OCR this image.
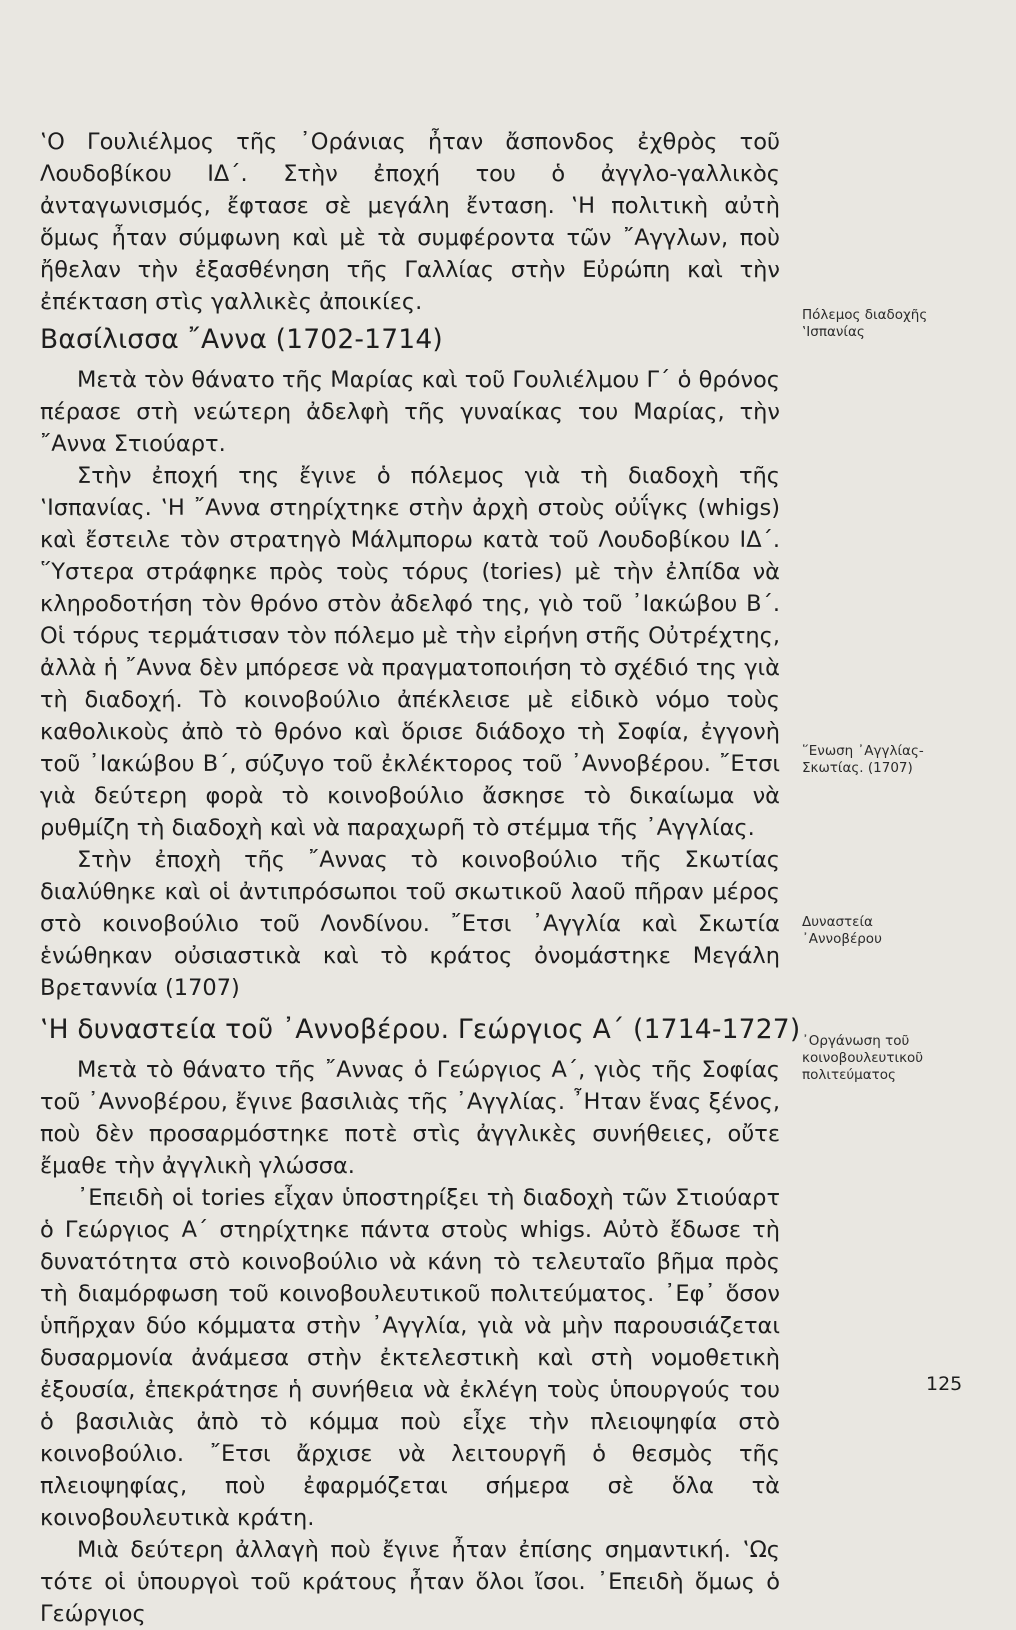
‛Ο Γουλιέλμος τῆς ᾿Οράνιας ἦταν ἄσπονδος ἐχθρὸς τοῦ Λουδοβίκου ΙΔ΄. Στὴν ἐποχή του ὁ ἀγγλο-γαλλικὸς ἀνταγωνισμός, ἔφτασε σὲ μεγάλη ἔνταση. ‛Η πολιτικὴ αὐτὴ ὅμως ἦταν σύμφωνη καὶ μὲ τὰ συμφέροντα τῶν ῎Αγγλων, ποὺ ἤθελαν τὴν ἐξασθένηση τῆς Γαλλίας στὴν Εὐρώπη καὶ τὴν ἐπέκταση στὶς γαλλικὲς ἀποικίες.

Βασίλισσα ῎Αννα (1702-1714)

Μετὰ τὸν θάνατο τῆς Μαρίας καὶ τοῦ Γουλιέλμου Γ΄ ὁ θρόνος πέρασε στὴ νεώτερη ἀδελφὴ τῆς γυναίκας του Μαρίας, τὴν ῎Αννα Στιούαρτ.

Στὴν ἐποχή της ἔγινε ὁ πόλεμος γιὰ τὴ διαδοχὴ τῆς ‛Ισπανίας. ‛Η ῎Αννα στηρίχτηκε στὴν ἀρχὴ στοὺς οὐΐγκς (whigs) καὶ ἔστειλε τὸν στρατηγὸ Μάλμπορω κατὰ τοῦ Λουδοβίκου ΙΔ΄. ῞Υστερα στράφηκε πρὸς τοὺς τόρυς (tories) μὲ τὴν ἐλπίδα νὰ κληροδοτήση τὸν θρόνο στὸν ἀδελφό της, γιὸ τοῦ ᾿Ιακώβου Β΄. Οἱ τόρυς τερμάτισαν τὸν πόλεμο μὲ τὴν εἰρήνη στῆς Οὐτρέχτης, ἀλλὰ ἡ ῎Αννα δὲν μπόρεσε νὰ πραγματοποιήση τὸ σχέδιό της γιὰ τὴ διαδοχή. Τὸ κοινοβούλιο ἀπέκλεισε μὲ εἰδικὸ νόμο τοὺς καθολικοὺς ἀπὸ τὸ θρόνο καὶ ὅρισε διάδοχο τὴ Σοφία, ἐγγονὴ τοῦ ᾿Ιακώβου Β΄, σύζυγο τοῦ ἐκλέκτορος τοῦ ᾿Αννοβέρου. ῎Ετσι γιὰ δεύτερη φορὰ τὸ κοινοβούλιο ἄσκησε τὸ δικαίωμα νὰ ρυθμίζη τὴ διαδοχὴ καὶ νὰ παραχωρῆ τὸ στέμμα τῆς ᾿Αγγλίας.

Στὴν ἐποχὴ τῆς ῎Αννας τὸ κοινοβούλιο τῆς Σκωτίας διαλύθηκε καὶ οἱ ἀντιπρόσωποι τοῦ σκωτικοῦ λαοῦ πῆραν μέρος στὸ κοινοβούλιο τοῦ Λονδίνου. ῎Ετσι ᾿Αγγλία καὶ Σκωτία ἑνώθηκαν οὐσιαστικὰ καὶ τὸ κράτος ὀνομάστηκε Μεγάλη Βρεταννία (1707)

‛Η δυναστεία τοῦ ᾿Αννοβέρου. Γεώργιος Α΄ (1714-1727)

Μετὰ τὸ θάνατο τῆς ῎Αννας ὁ Γεώργιος Α΄, γιὸς τῆς Σοφίας τοῦ ᾿Αννοβέρου, ἔγινε βασιλιὰς τῆς ᾿Αγγλίας. ῏Ηταν ἕνας ξένος, ποὺ δὲν προσαρμόστηκε ποτὲ στὶς ἀγγλικὲς συνήθειες, οὔτε ἔμαθε τὴν ἀγγλικὴ γλώσσα.

᾿Επειδὴ οἱ tories εἶχαν ὑποστηρίξει τὴ διαδοχὴ τῶν Στιούαρτ ὁ Γεώργιος Α΄ στηρίχτηκε πάντα στοὺς whigs. Αὐτὸ ἔδωσε τὴ δυνατότητα στὸ κοινοβούλιο νὰ κάνη τὸ τελευταῖο βῆμα πρὸς τὴ διαμόρφωση τοῦ κοινοβουλευτικοῦ πολιτεύματος. ᾿Εφ᾿ ὅσον ὑπῆρχαν δύο κόμματα στὴν ᾿Αγγλία, γιὰ νὰ μὴν παρουσιάζεται δυσαρμονία ἀνάμεσα στὴν ἐκτελεστικὴ καὶ στὴ νομοθετικὴ ἐξουσία, ἐπεκράτησε ἡ συνήθεια νὰ ἐκλέγη τοὺς ὑπουργούς του ὁ βασιλιὰς ἀπὸ τὸ κόμμα ποὺ εἶχε τὴν πλειοψηφία στὸ κοινοβούλιο. ῎Ετσι ἄρχισε νὰ λειτουργῆ ὁ θεσμὸς τῆς πλειοψηφίας, ποὺ ἐφαρμόζεται σήμερα σὲ ὅλα τὰ κοινοβουλευτικὰ κράτη.

Μιὰ δεύτερη ἀλλαγὴ ποὺ ἔγινε ἦταν ἐπίσης σημαντική. ‛Ως τότε οἱ ὑπουργοὶ τοῦ κράτους ἦταν ὅλοι ἴσοι. ᾿Επειδὴ ὅμως ὁ Γεώργιος

Πόλεμος διαδοχῆς
‛Ισπανίας
῞Ενωση ᾿Αγγλίας-
Σκωτίας. (1707)
Δυναστεία
᾿Αννοβέρου
᾿Οργάνωση τοῦ
κοινοβουλευτικοῦ
πολιτεύματος
125
